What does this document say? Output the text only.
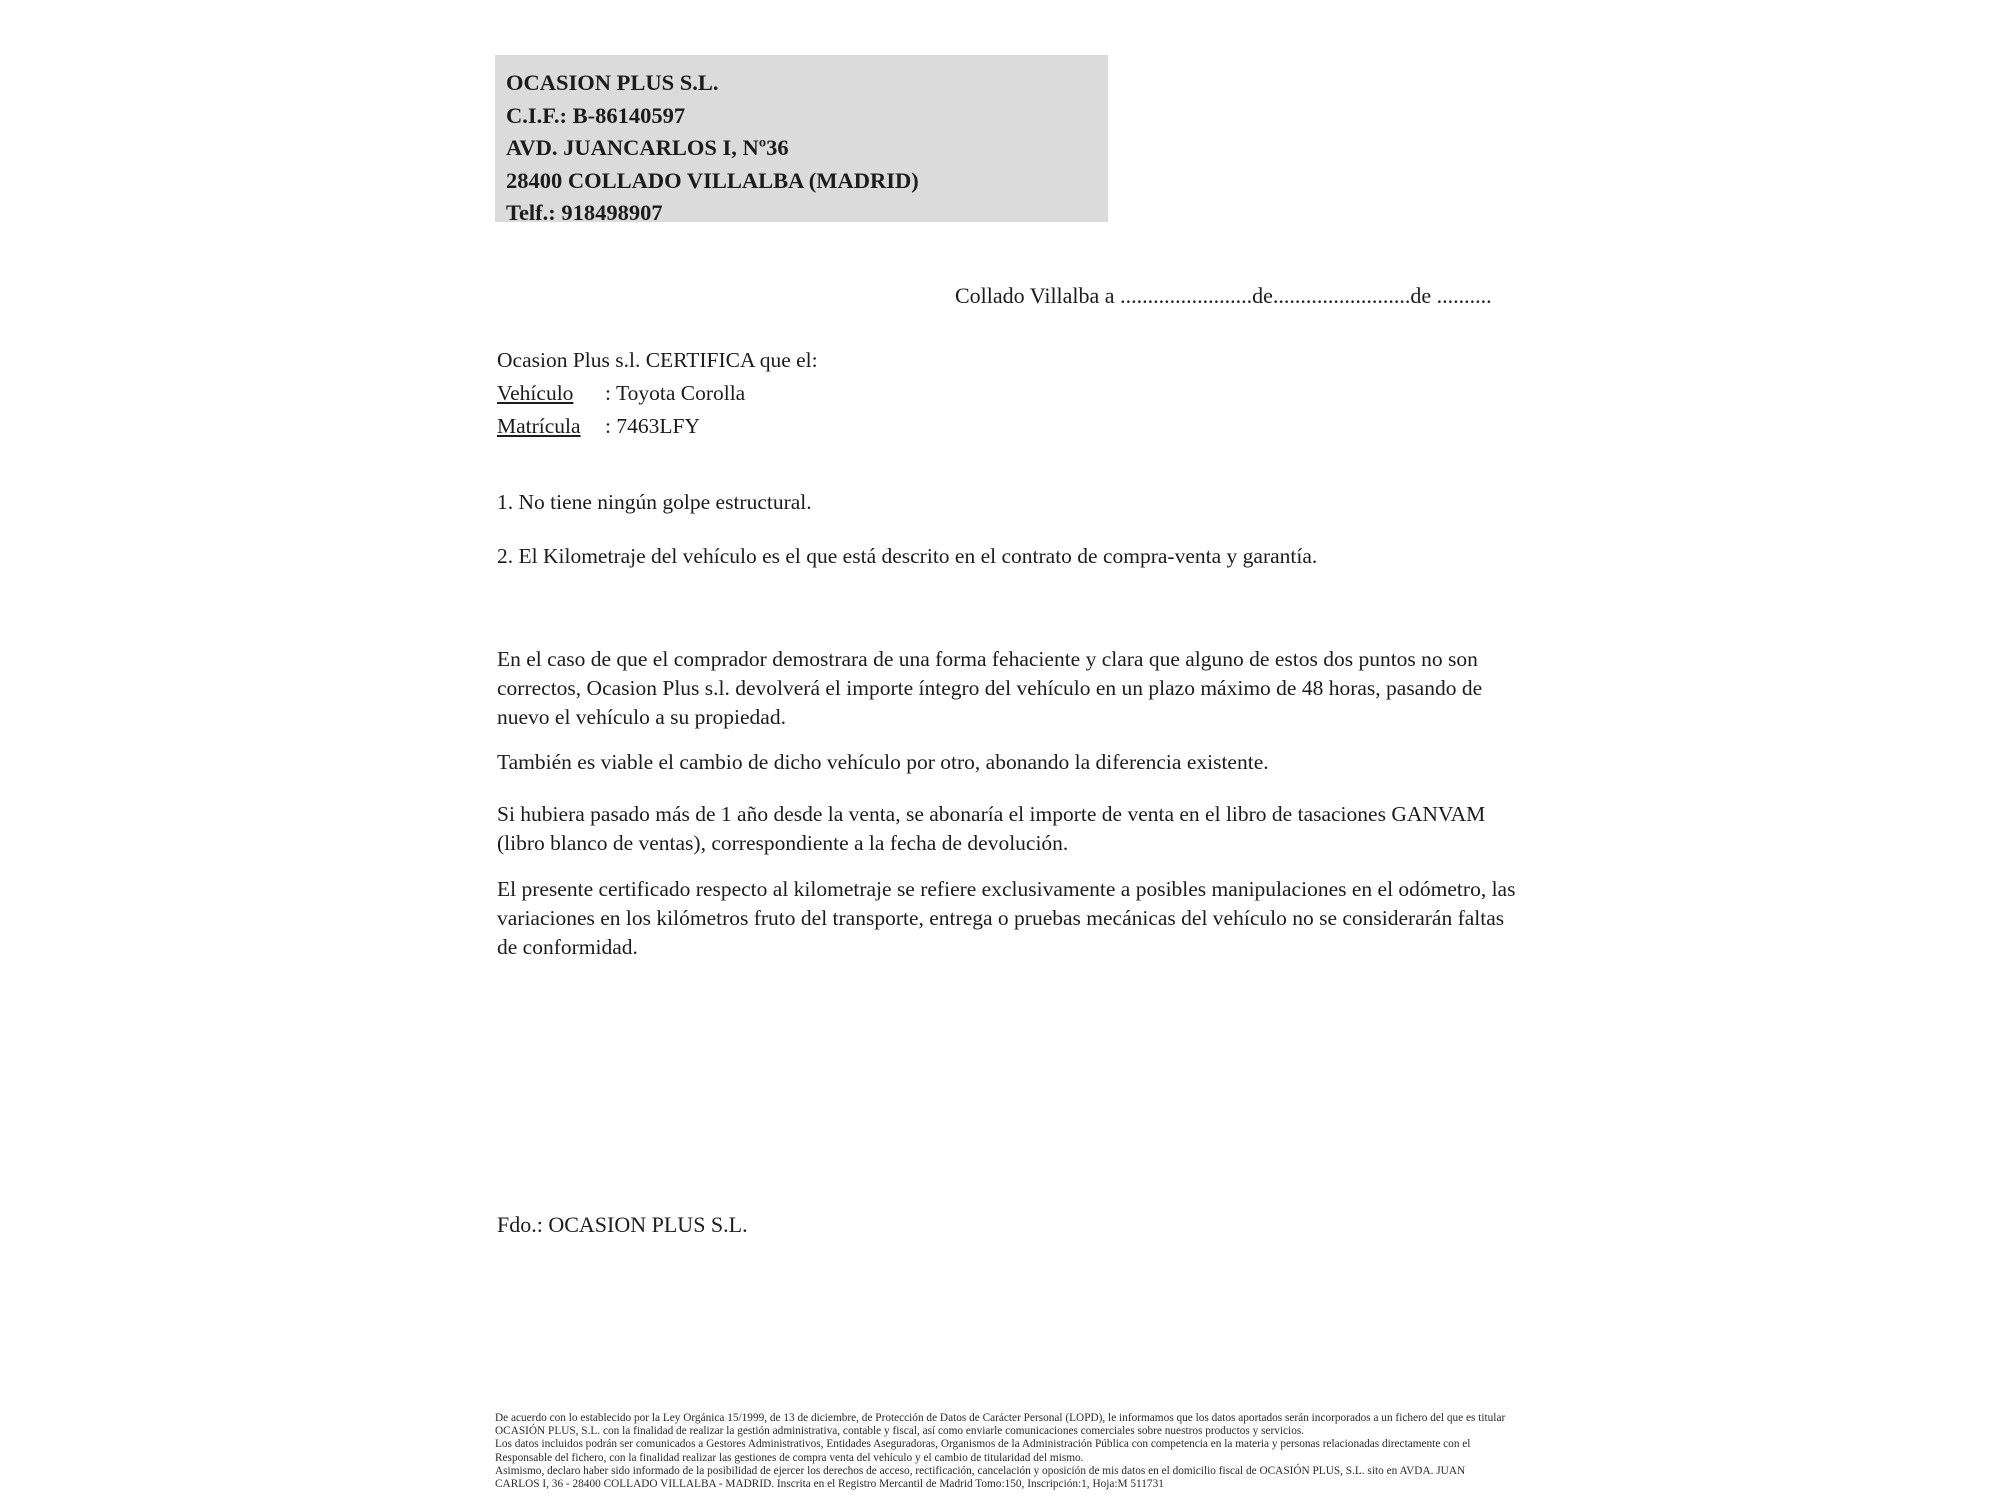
OCASION PLUS S.L.
C.I.F.: B-86140597
AVD. JUANCARLOS I, Nº36
28400 COLLADO VILLALBA (MADRID)
Telf.: 918498907
Collado Villalba a ........................de.........................de ..........
Ocasion Plus s.l. CERTIFICA que el:
Vehículo : Toyota Corolla
Matrícula : 7463LFY
1. No tiene ningún golpe estructural.
2. El Kilometraje del vehículo es el que está descrito en el contrato de compra-venta y garantía.
En el caso de que el comprador demostrara de una forma fehaciente y clara que alguno de estos dos puntos no son correctos, Ocasion Plus s.l. devolverá el importe íntegro del vehículo en un plazo máximo de 48 horas, pasando de nuevo el vehículo a su propiedad.
También es viable el cambio de dicho vehículo por otro, abonando la diferencia existente.
Si hubiera pasado más de 1 año desde la venta, se abonaría el importe de venta en el libro de tasaciones GANVAM (libro blanco de ventas), correspondiente a la fecha de devolución.
El presente certificado respecto al kilometraje se refiere exclusivamente a posibles manipulaciones en el odómetro, las variaciones en los kilómetros fruto del transporte, entrega o pruebas mecánicas del vehículo no se considerarán faltas de conformidad.
Fdo.: OCASION PLUS S.L.
De acuerdo con lo establecido por la Ley Orgánica 15/1999, de 13 de diciembre, de Protección de Datos de Carácter Personal (LOPD), le informamos que los datos aportados serán incorporados a un fichero del que es titular
OCASIÓN PLUS, S.L. con la finalidad de realizar la gestión administrativa, contable y fiscal, así como enviarle comunicaciones comerciales sobre nuestros productos y servicios.
Los datos incluidos podrán ser comunicados a Gestores Administrativos, Entidades Aseguradoras, Organismos de la Administración Pública con competencia en la materia y personas relacionadas directamente con el
Responsable del fichero, con la finalidad realizar las gestiones de compra venta del vehículo y el cambio de titularidad del mismo.
Asimismo, declaro haber sido informado de la posibilidad de ejercer los derechos de acceso, rectificación, cancelación y oposición de mis datos en el domicilio fiscal de OCASIÓN PLUS, S.L. sito en AVDA. JUAN
CARLOS I, 36 - 28400 COLLADO VILLALBA - MADRID. Inscrita en el Registro Mercantil de Madrid Tomo:150, Inscripción:1, Hoja:M 511731
